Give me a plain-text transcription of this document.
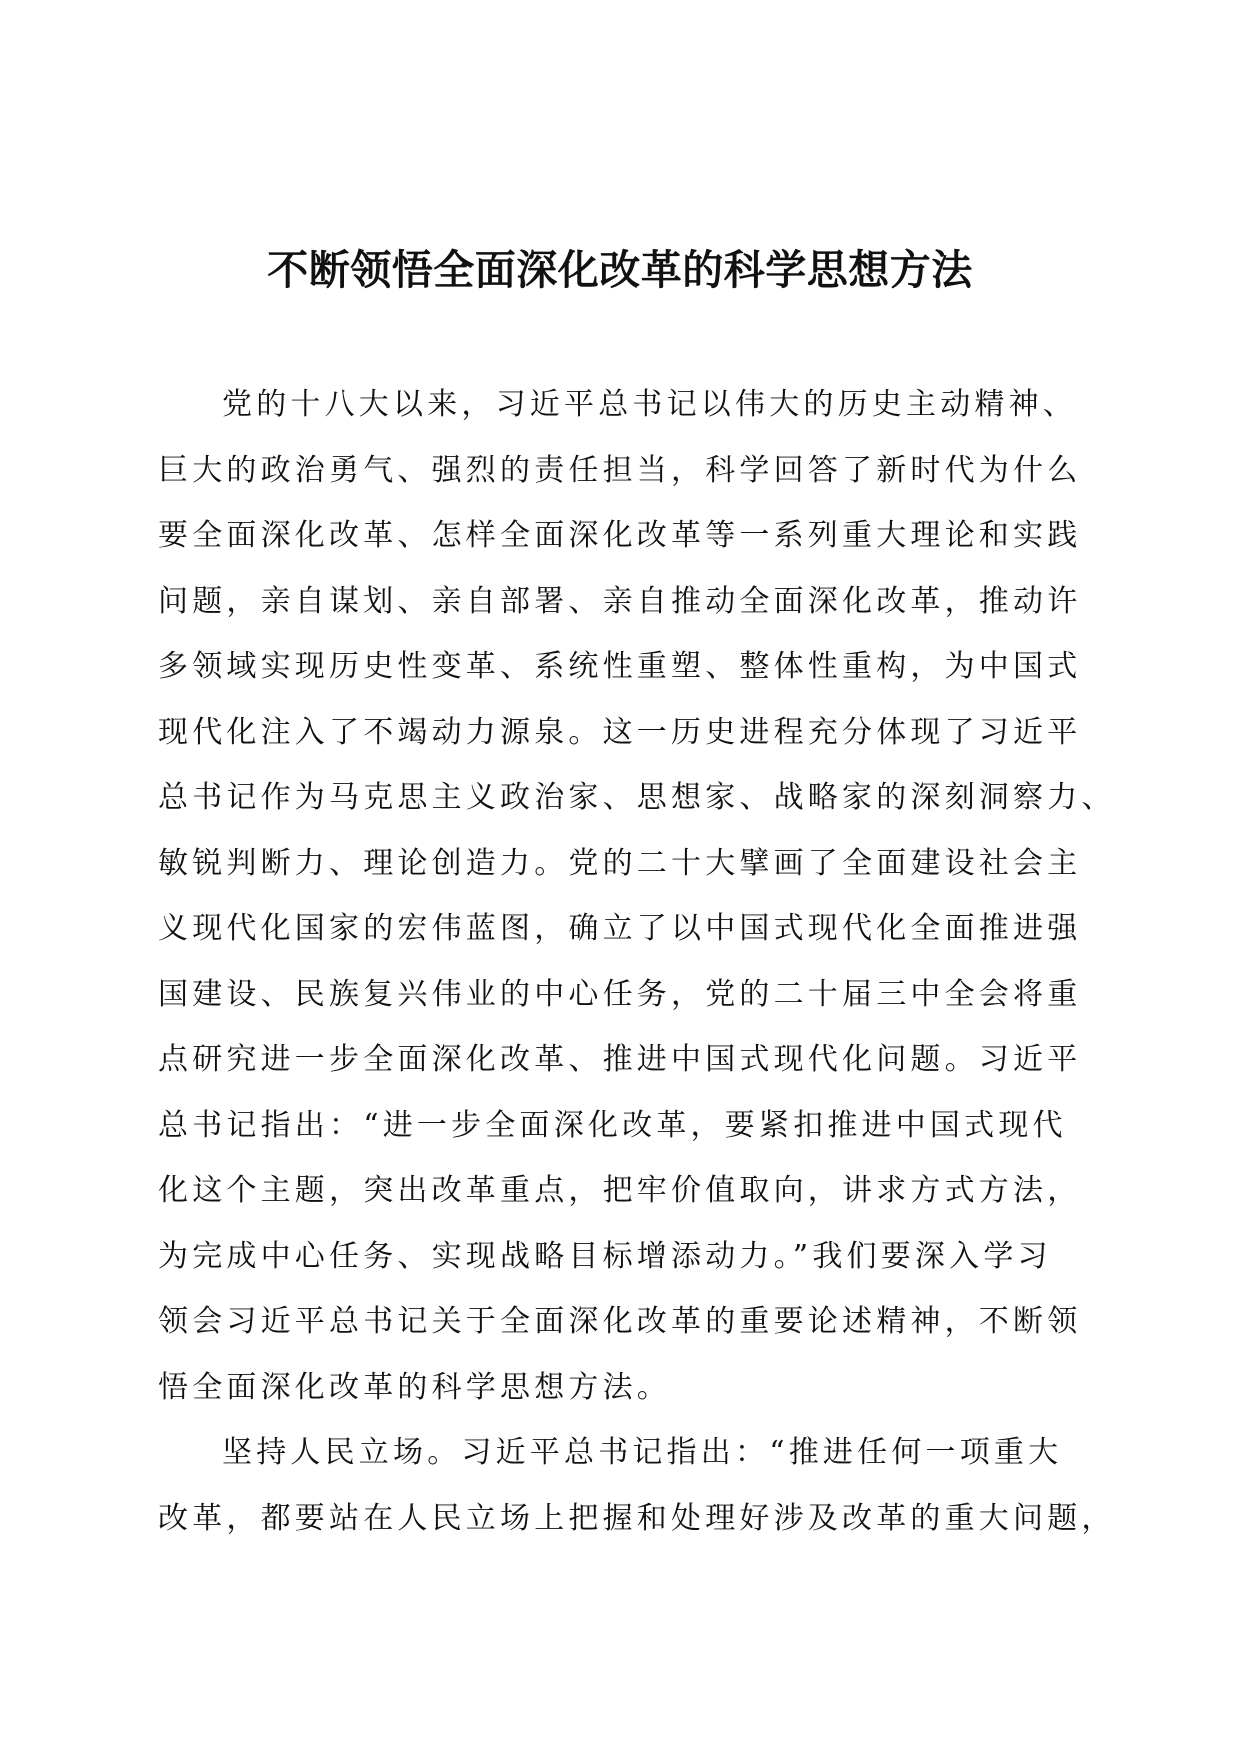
不断领悟全面深化改革的科学思想方法
党的十八大以来，习近平总书记以伟大的历史主动精神、
巨大的政治勇气、强烈的责任担当，科学回答了新时代为什么
要全面深化改革、怎样全面深化改革等一系列重大理论和实践
问题，亲自谋划、亲自部署、亲自推动全面深化改革，推动许
多领域实现历史性变革、系统性重塑、整体性重构，为中国式
现代化注入了不竭动力源泉。这一历史进程充分体现了习近平
总书记作为马克思主义政治家、思想家、战略家的深刻洞察力、
敏锐判断力、理论创造力。党的二十大擘画了全面建设社会主
义现代化国家的宏伟蓝图，确立了以中国式现代化全面推进强
国建设、民族复兴伟业的中心任务，党的二十届三中全会将重
点研究进一步全面深化改革、推进中国式现代化问题。习近平
总书记指出：“进一步全面深化改革，要紧扣推进中国式现代
化这个主题，突出改革重点，把牢价值取向，讲求方式方法，
为完成中心任务、实现战略目标增添动力。”我们要深入学习
领会习近平总书记关于全面深化改革的重要论述精神，不断领
悟全面深化改革的科学思想方法。
坚持人民立场。习近平总书记指出：“推进任何一项重大
改革，都要站在人民立场上把握和处理好涉及改革的重大问题，
